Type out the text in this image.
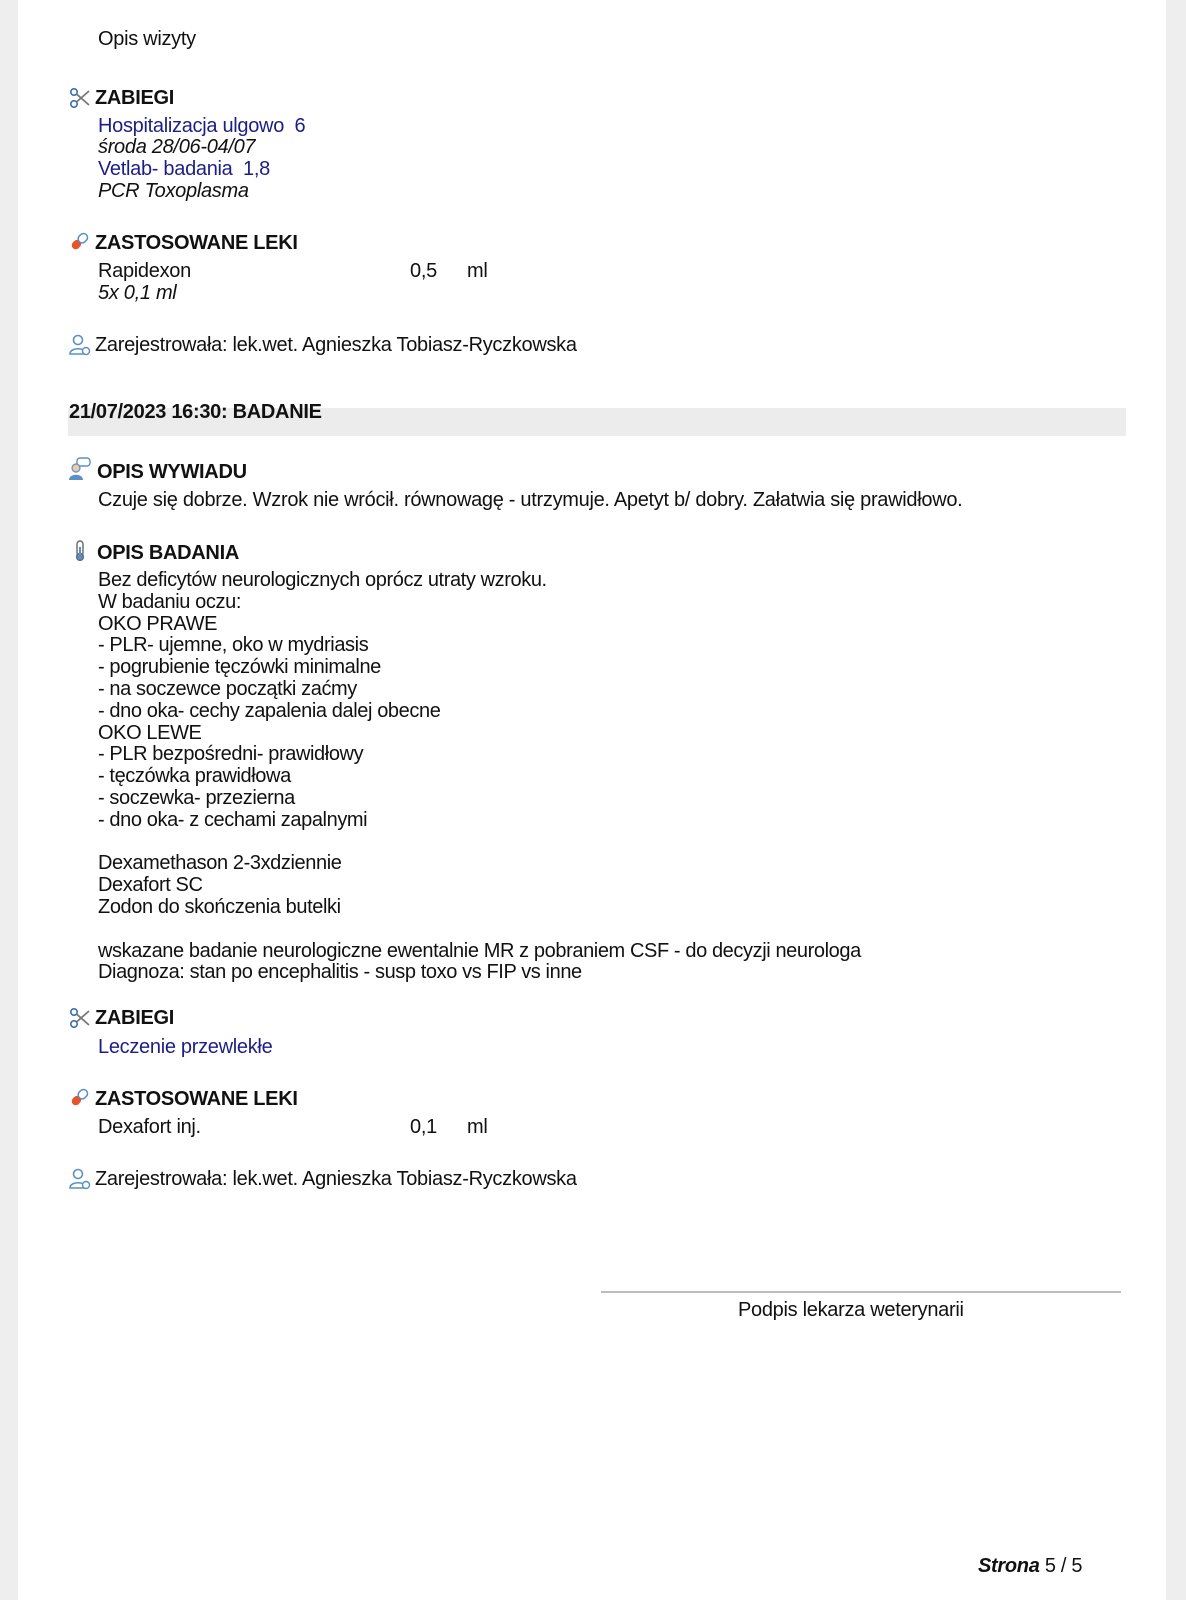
Opis wizyty
ZABIEGI
Hospitalizacja ulgowo 6
środa 28/06-04/07
Vetlab- badania 1,8
PCR Toxoplasma
ZASTOSOWANE LEKI
Rapidexon	0,5 ml
5x 0,1 ml
Zarejestrowała: lek.wet. Agnieszka Tobiasz-Ryczkowska
21/07/2023 16:30: BADANIE
OPIS WYWIADU
Czuje się dobrze. Wzrok nie wrócił. równowagę - utrzymuje. Apetyt b/ dobry. Załatwia się prawidłowo.
OPIS BADANIA
Bez deficytów neurologicznych oprócz utraty wzroku.
W badaniu oczu:
OKO PRAWE
- PLR- ujemne, oko w mydriasis
- pogrubienie tęczówki minimalne
- na soczewce początki zaćmy
- dno oka- cechy zapalenia dalej obecne
OKO LEWE
- PLR bezpośredni- prawidłowy
- tęczówka prawidłowa
- soczewka- przezierna
- dno oka- z cechami zapalnymi

Dexamethason 2-3xdziennie
Dexafort SC
Zodon do skończenia butelki

wskazane badanie neurologiczne ewentalnie MR z pobraniem CSF - do decyzji neurologa
Diagnoza: stan po encephalitis - susp toxo vs FIP vs inne
ZABIEGI
Leczenie przewlekłe
ZASTOSOWANE LEKI
Dexafort inj.	0,1 ml
Zarejestrowała: lek.wet. Agnieszka Tobiasz-Ryczkowska
Podpis lekarza weterynarii
Strona 5 / 5
